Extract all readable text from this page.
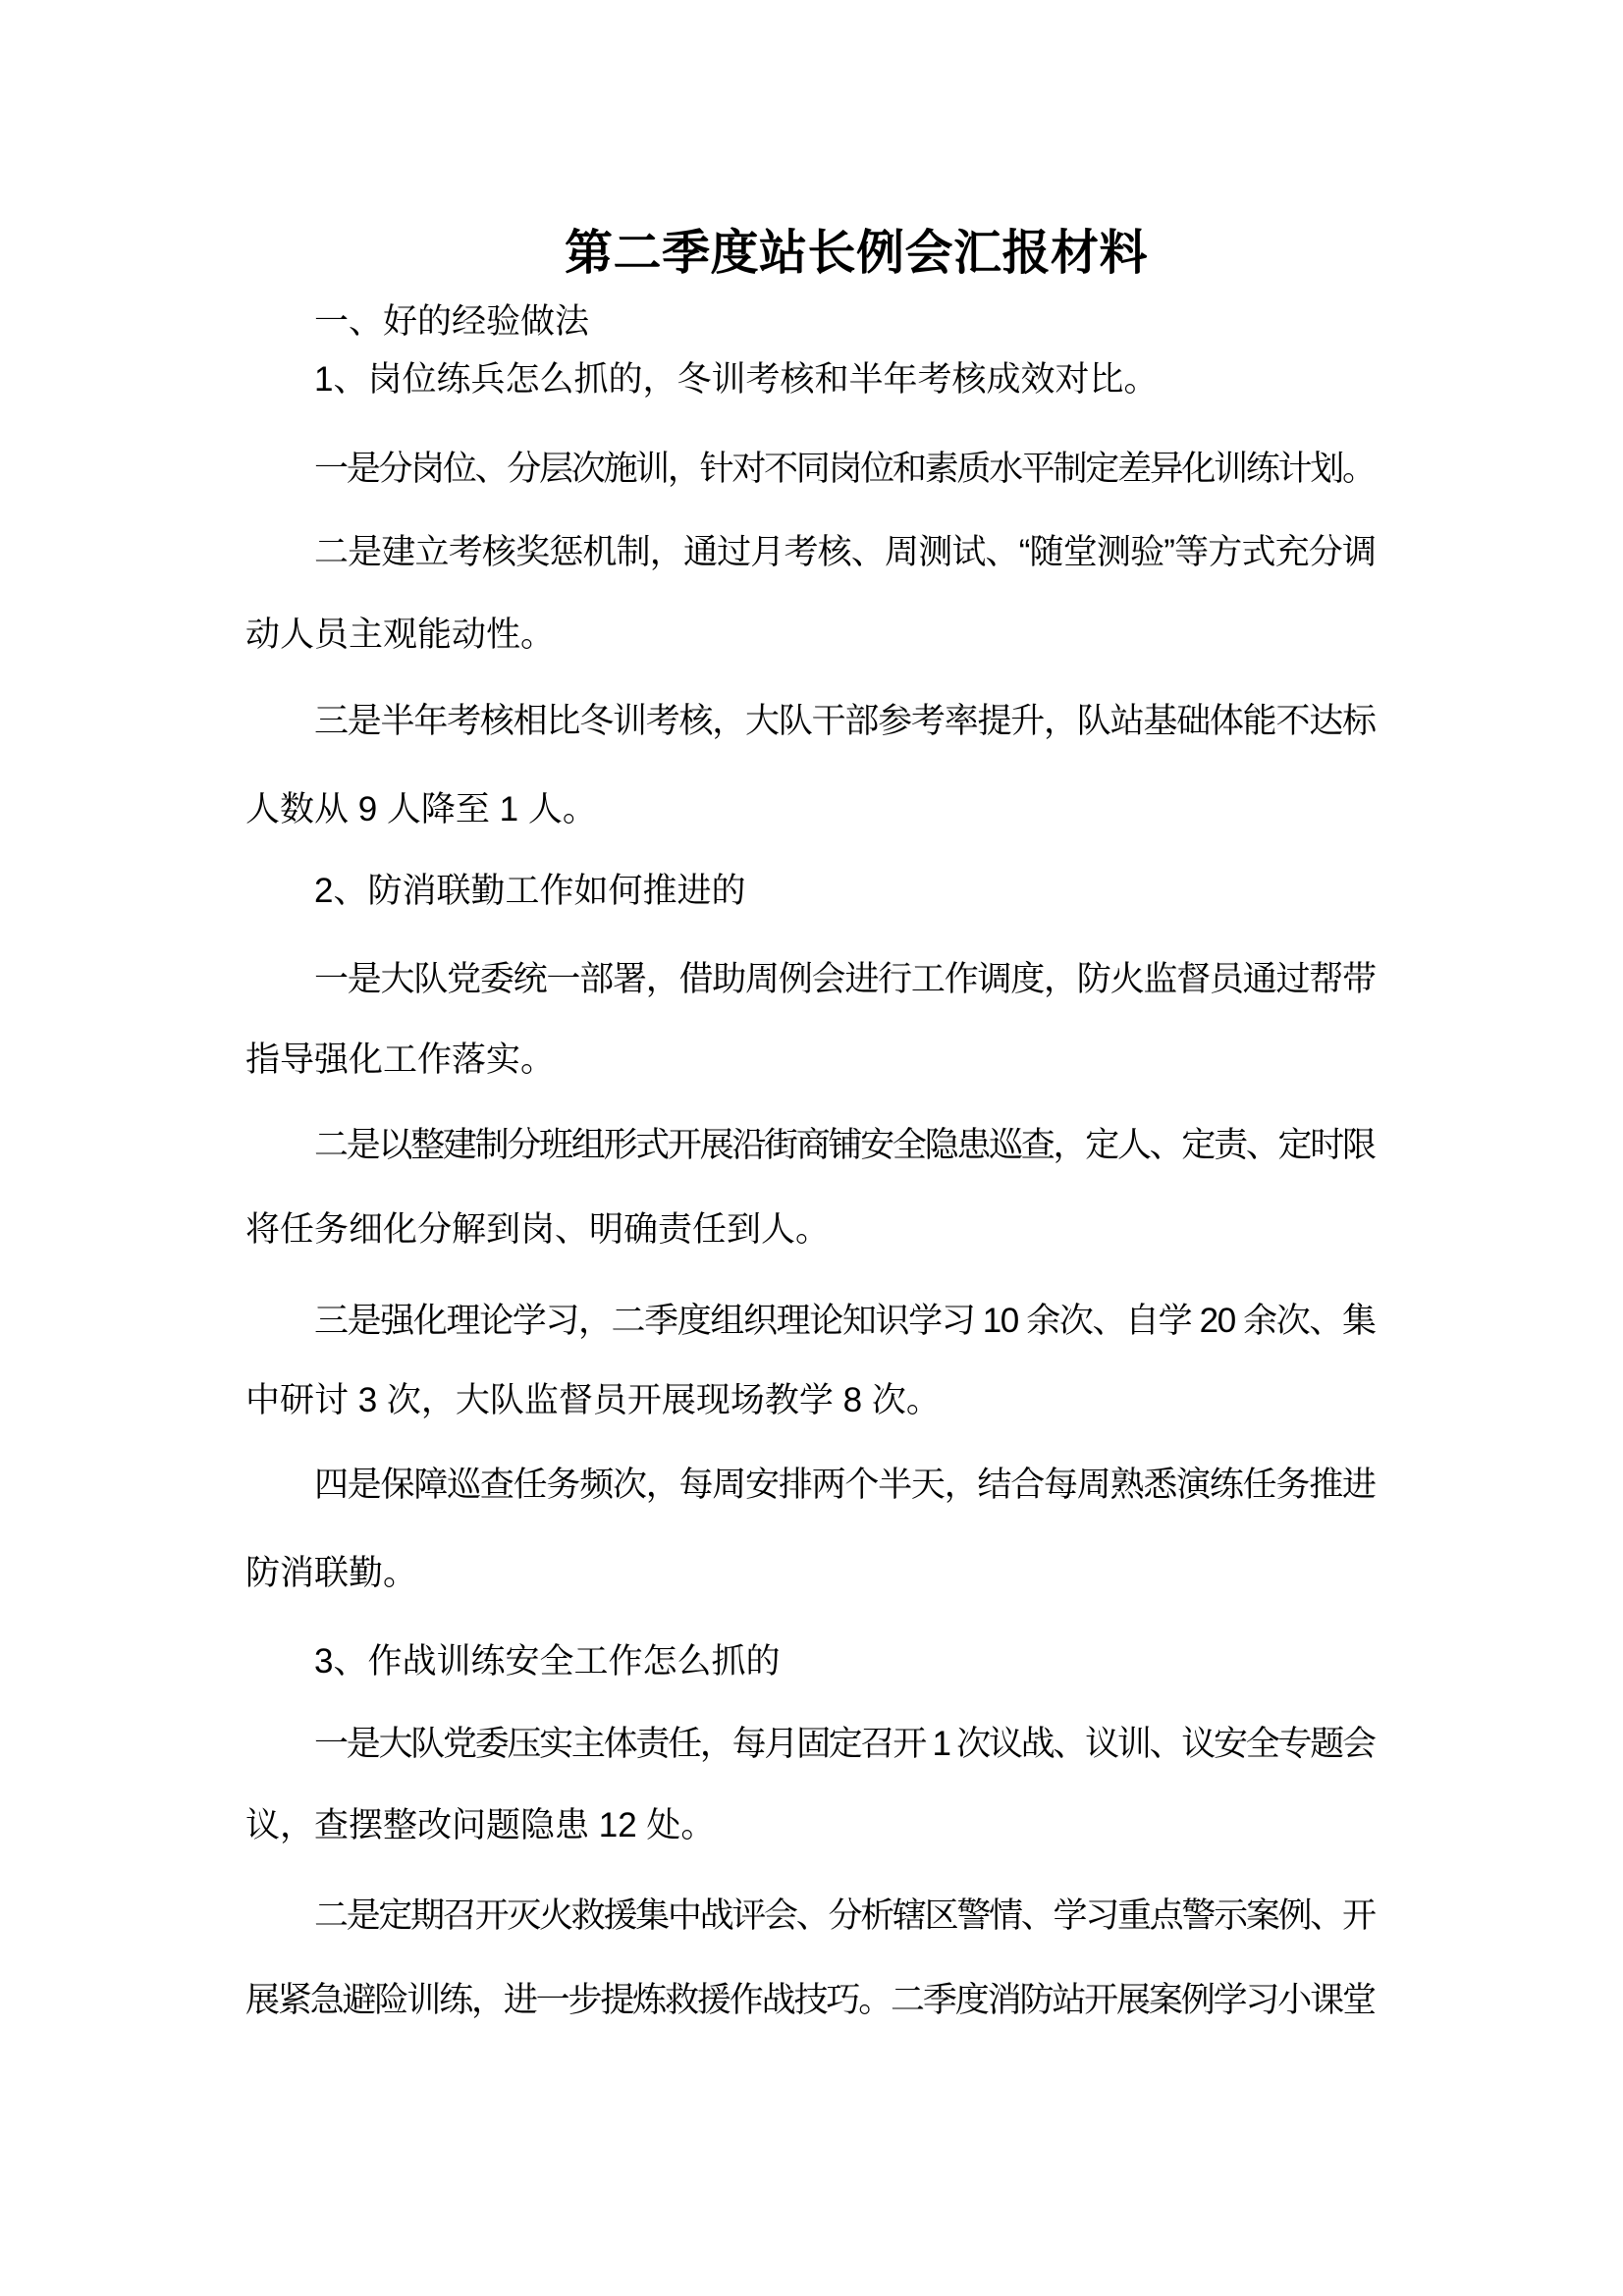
第二季度站长例会汇报材料
一、好的经验做法
1、岗位练兵怎么抓的，冬训考核和半年考核成效对比。
一是分岗位、分层次施训，针对不同岗位和素质水平制定差异化训练计划。
二是建立考核奖惩机制，通过月考核、周测试、“随堂测验”等方式充分调
动人员主观能动性。
三是半年考核相比冬训考核，大队干部参考率提升，队站基础体能不达标
人数从 9 人降至 1 人。
2、防消联勤工作如何推进的
一是大队党委统一部署，借助周例会进行工作调度，防火监督员通过帮带
指导强化工作落实。
二是以整建制分班组形式开展沿街商铺安全隐患巡查，定人、定责、定时限
将任务细化分解到岗、明确责任到人。
三是强化理论学习，二季度组织理论知识学习 10 余次、自学 20 余次、集
中研讨 3 次，大队监督员开展现场教学 8 次。
四是保障巡查任务频次，每周安排两个半天，结合每周熟悉演练任务推进
防消联勤。
3、作战训练安全工作怎么抓的
一是大队党委压实主体责任，每月固定召开 1 次议战、议训、议安全专题会
议，查摆整改问题隐患 12 处。
二是定期召开灭火救援集中战评会、分析辖区警情、学习重点警示案例、开
展紧急避险训练，进一步提炼救援作战技巧。二季度消防站开展案例学习小课堂
